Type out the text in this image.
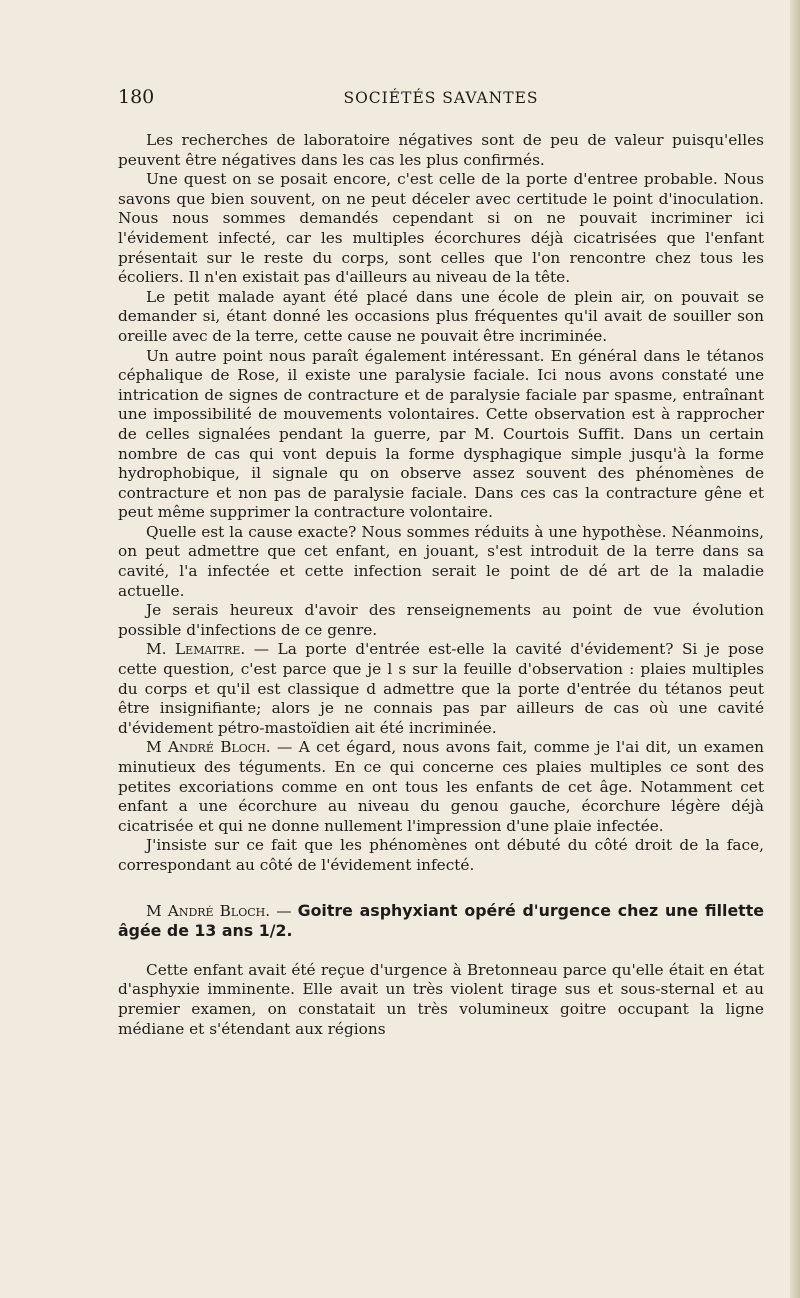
180	SOCIÉTÉS SAVANTES

Les recherches de laboratoire négatives sont de peu de valeur puisqu'elles peuvent être négatives dans les cas les plus confirmés.

Une quest on se posait encore, c'est celle de la porte d'entree probable. Nous savons que bien souvent, on ne peut déceler avec certitude le point d'inoculation. Nous nous sommes demandés cependant si on ne pouvait incriminer ici l'évidement infecté, car les multiples écorchures déjà cicatrisées que l'enfant présentait sur le reste du corps, sont celles que l'on rencontre chez tous les écoliers. Il n'en existait pas d'ailleurs au niveau de la tête.

Le petit malade ayant été placé dans une école de plein air, on pouvait se demander si, étant donné les occasions plus fréquentes qu'il avait de souiller son oreille avec de la terre, cette cause ne pouvait être incriminée.

Un autre point nous paraît également intéressant. En général dans le tétanos céphalique de Rose, il existe une paralysie faciale. Ici nous avons constaté une intrication de signes de contracture et de paralysie faciale par spasme, entraînant une impossibilité de mouvements volontaires. Cette observation est à rapprocher de celles signalées pendant la guerre, par M. Courtois Suffit. Dans un certain nombre de cas qui vont depuis la forme dysphagique simple jusqu'à la forme hydrophobique, il signale qu on observe assez souvent des phénomènes de contracture et non pas de paralysie faciale. Dans ces cas la contracture gêne et peut même supprimer la contracture volontaire.

Quelle est la cause exacte? Nous sommes réduits à une hypothèse. Néanmoins, on peut admettre que cet enfant, en jouant, s'est introduit de la terre dans sa cavité, l'a infectée et cette infection serait le point de dé art de la maladie actuelle.

Je serais heureux d'avoir des renseignements au point de vue évolution possible d'infections de ce genre.

M. Lemaitre. — La porte d'entrée est-elle la cavité d'évidement? Si je pose cette question, c'est parce que je l s sur la feuille d'observation : plaies multiples du corps et qu'il est classique d admettre que la porte d'entrée du tétanos peut être insignifiante; alors je ne connais pas par ailleurs de cas où une cavité d'évidement pétro-mastoïdien ait été incriminée.

M André Bloch. — A cet égard, nous avons fait, comme je l'ai dit, un examen minutieux des téguments. En ce qui concerne ces plaies multiples ce sont des petites excoriations comme en ont tous les enfants de cet âge. Notamment cet enfant a une écorchure au niveau du genou gauche, écorchure légère déjà cicatrisée et qui ne donne nullement l'impression d'une plaie infectée.

J'insiste sur ce fait que les phénomènes ont débuté du côté droit de la face, correspondant au côté de l'évidement infecté.

M André Bloch. — Goitre asphyxiant opéré d'urgence chez une fillette âgée de 13 ans 1/2.

Cette enfant avait été reçue d'urgence à Bretonneau parce qu'elle était en état d'asphyxie imminente. Elle avait un très violent tirage sus et sous-sternal et au premier examen, on constatait un très volumineux goitre occupant la ligne médiane et s'étendant aux régions
